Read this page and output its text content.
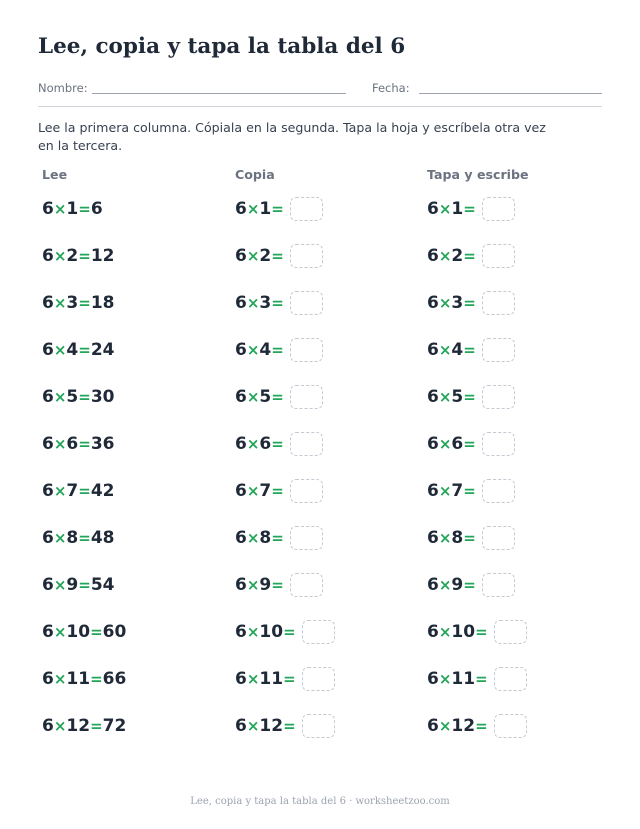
Lee, copia y tapa la tabla del 6
Nombre:	Fecha:
Lee la primera columna. Cópiala en la segunda. Tapa la hoja y escríbela otra vez en la tercera.
Lee	Copia	Tapa y escribe
6 × 1 = 6	6 × 1 =	6 × 1 =
6 × 2 = 12	6 × 2 =	6 × 2 =
6 × 3 = 18	6 × 3 =	6 × 3 =
6 × 4 = 24	6 × 4 =	6 × 4 =
6 × 5 = 30	6 × 5 =	6 × 5 =
6 × 6 = 36	6 × 6 =	6 × 6 =
6 × 7 = 42	6 × 7 =	6 × 7 =
6 × 8 = 48	6 × 8 =	6 × 8 =
6 × 9 = 54	6 × 9 =	6 × 9 =
6 × 10 = 60	6 × 10 =	6 × 10 =
6 × 11 = 66	6 × 11 =	6 × 11 =
6 × 12 = 72	6 × 12 =	6 × 12 =
Lee, copia y tapa la tabla del 6 · worksheetzoo.com
